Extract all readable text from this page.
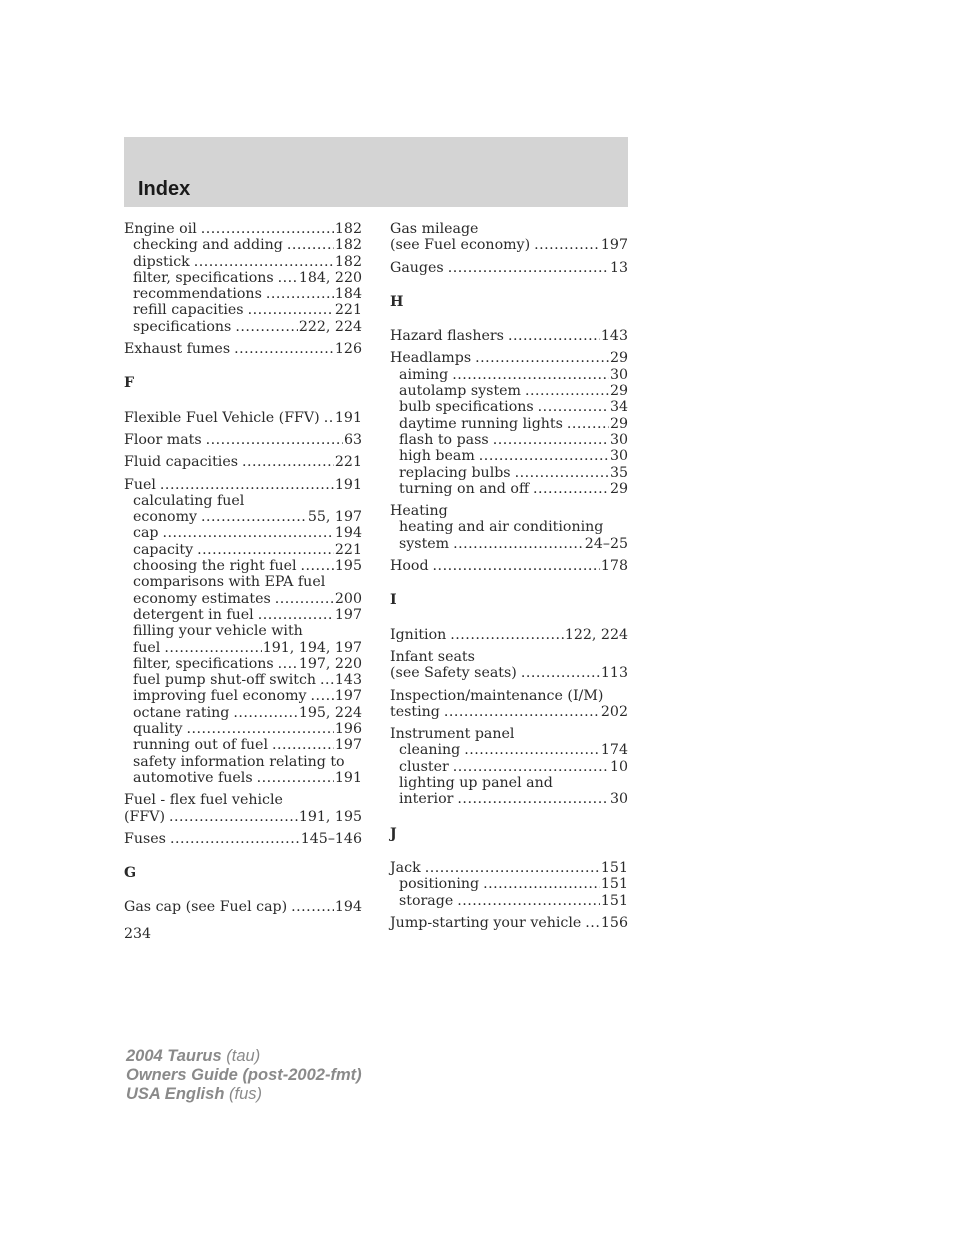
Index
Engine oil .....	182
checking and adding .....	182
dipstick .....	182
filter, specifications ..... 184, 220
recommendations .....	184
refill capacities .....	221
specifications .....	222, 224
Exhaust fumes .....	126
F
Flexible Fuel Vehicle (FFV) ..... 191
Floor mats .....	63
Fluid capacities .....	221
Fuel .....	191
calculating fuel
economy .....	55, 197
cap .....	194
capacity .....	221
choosing the right fuel .....	195
comparisons with EPA fuel
economy estimates .....	200
detergent in fuel .....	197
filling your vehicle with
fuel .....	191, 194, 197
filter, specifications ..... 197, 220
fuel pump shut-off switch ..... 143
improving fuel economy ..... 197
octane rating .....	195, 224
quality .....	196
running out of fuel .....	197
safety information relating to
automotive fuels .....	191
Fuel - flex fuel vehicle
(FFV) .....	191, 195
Fuses .....	145–146
G
Gas cap (see Fuel cap) .....	194
Gas mileage
(see Fuel economy) .....	197
Gauges .....	13
H
Hazard flashers .....	143
Headlamps .....	29
aiming .....	30
autolamp system .....	29
bulb specifications .....	34
daytime running lights .....	29
flash to pass .....	30
high beam .....	30
replacing bulbs .....	35
turning on and off .....	29
Heating
heating and air conditioning
system .....	24–25
Hood .....	178
I
Ignition .....	122, 224
Infant seats
(see Safety seats) .....	113
Inspection/maintenance (I/M)
testing .....	202
Instrument panel
cleaning .....	174
cluster .....	10
lighting up panel and
interior .....	30
J
Jack .....	151
positioning .....	151
storage .....	151
Jump-starting your vehicle ..... 156
234
2004 Taurus (tau)
Owners Guide (post-2002-fmt)
USA English (fus)
